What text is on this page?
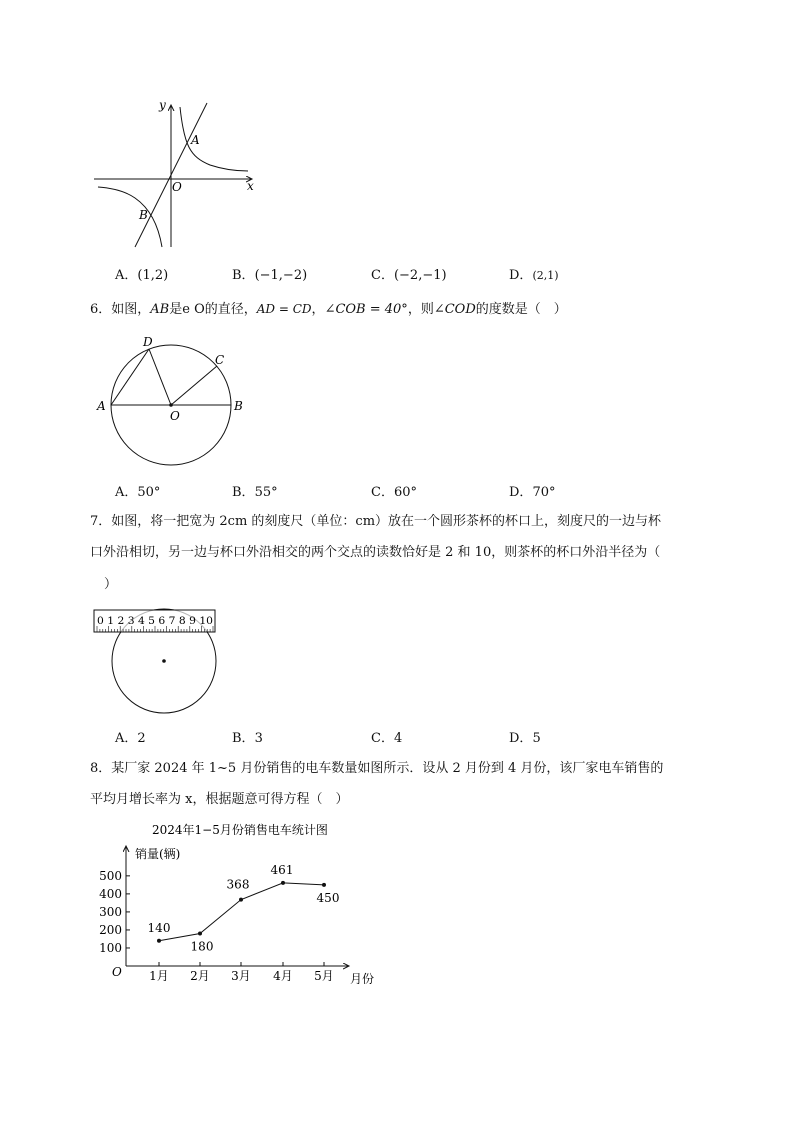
y
x
O
A
B
A．(1,2)	B．(−1,−2)	C．(−2,−1)	D．(2,1)
6．如图，AB是e O的直径，AD = CD，∠COB = 40°，则∠COD的度数是（　）
A	B
C
D
O
A．50°	B．55°	C．60°	D．70°
7．如图，将一把宽为 2cm 的刻度尺（单位：cm）放在一个圆形茶杯的杯口上，刻度尺的一边与杯
口外沿相切，另一边与杯口外沿相交的两个交点的读数恰好是 2 和 10，则茶杯的杯口外沿半径为（
）
0 1 2 3 4 5 6 7 8 9 10
A．2	B．3	C．4	D．5
8．某厂家 2024 年 1~5 月份销售的电车数量如图所示．设从 2 月份到 4 月份，该厂家电车销售的
平均月增长率为 x，根据题意可得方程（　）
2024年1−5月份销售电车统计图
销量(辆)
月份
O
100
200
300
400
500
1月 2月 3月 4月 5月
140
180
368
461
450
